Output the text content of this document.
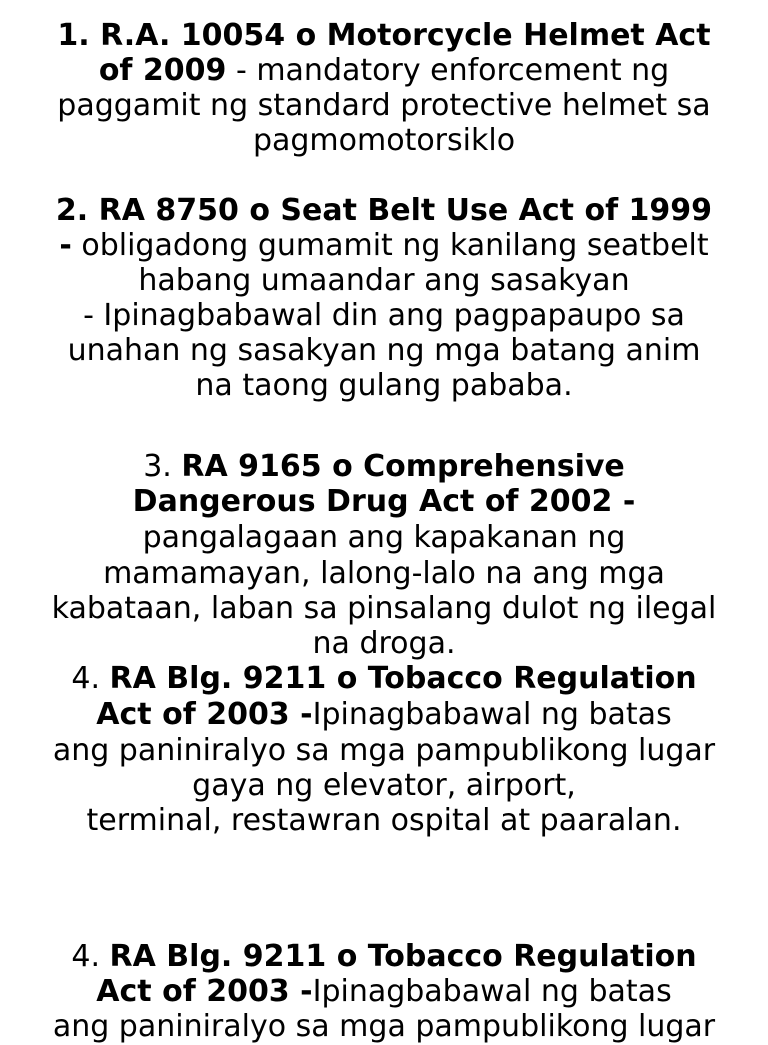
1. R.A. 10054 o Motorcycle Helmet Act
of 2009 - mandatory enforcement ng
paggamit ng standard protective helmet sa
pagmomotorsiklo
2. RA 8750 o Seat Belt Use Act of 1999
- obligadong gumamit ng kanilang seatbelt
habang umaandar ang sasakyan
- Ipinagbabawal din ang pagpapaupo sa
unahan ng sasakyan ng mga batang anim
na taong gulang pababa.
3. RA 9165 o Comprehensive
Dangerous Drug Act of 2002 -
pangalagaan ang kapakanan ng
mamamayan, lalong-lalo na ang mga
kabataan, laban sa pinsalang dulot ng ilegal
na droga.
4. RA Blg. 9211 o Tobacco Regulation
Act of 2003 -Ipinagbabawal ng batas
ang paniniralyo sa mga pampublikong lugar
gaya ng elevator, airport,
terminal, restawran ospital at paaralan.
4. RA Blg. 9211 o Tobacco Regulation
Act of 2003 -Ipinagbabawal ng batas
ang paniniralyo sa mga pampublikong lugar
